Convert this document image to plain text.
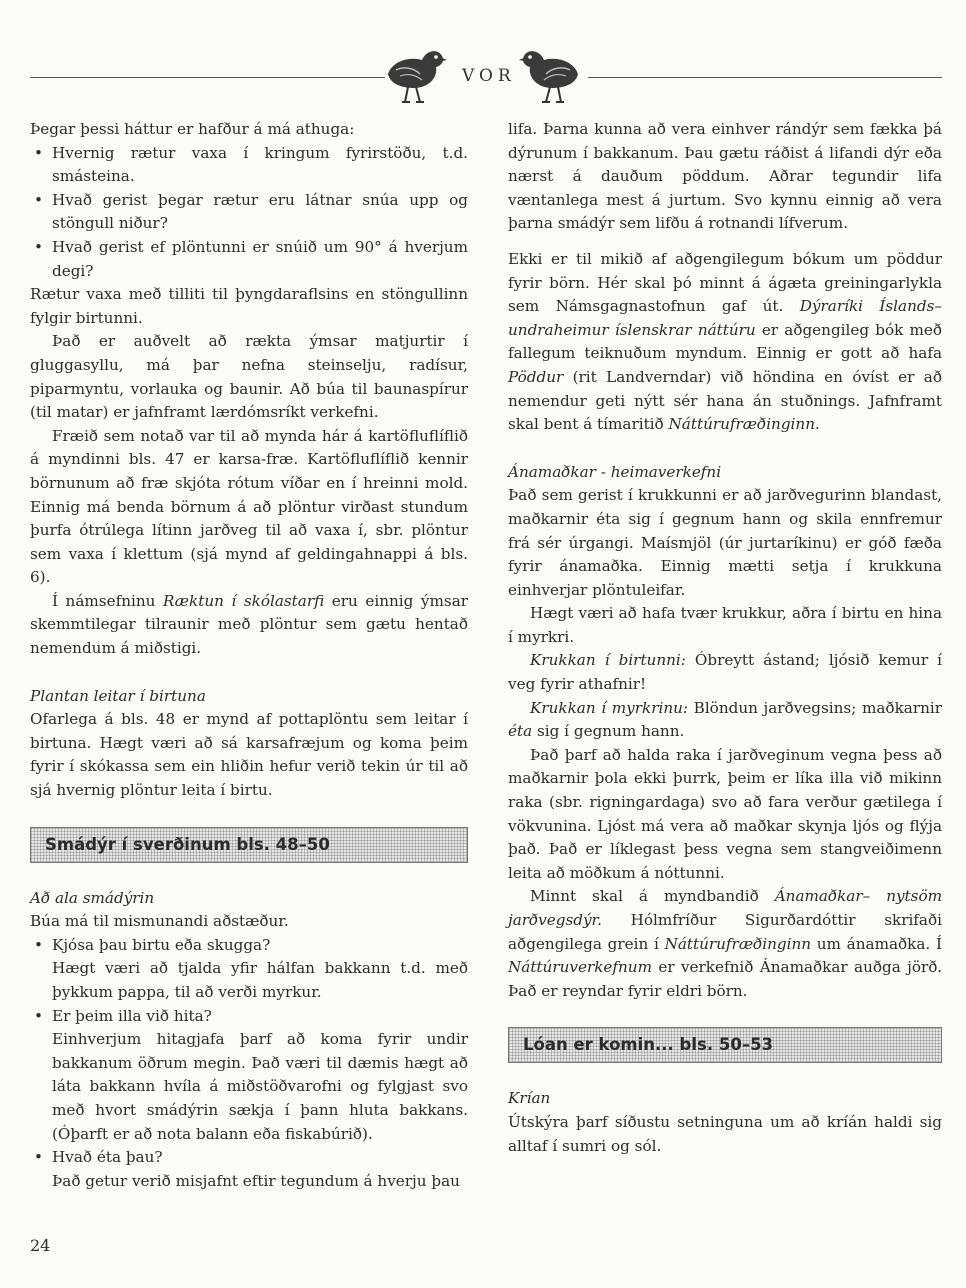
VOR

Þegar þessi háttur er hafður á má athuga:

• Hvernig rætur vaxa í kringum fyrirstöðu, t.d. smásteina.
• Hvað gerist þegar rætur eru látnar snúa upp og stöngull niður?
• Hvað gerist ef plöntunni er snúið um 90° á hverjum degi?

Rætur vaxa með tilliti til þyngdaraflsins en stöngullinn fylgir birtunni.

Það er auðvelt að rækta ýmsar matjurtir í gluggasyllu, má þar nefna steinselju, radísur, piparmyntu, vorlauka og baunir. Að búa til baunaspírur (til matar) er jafnframt lærdómsríkt verkefni.

Fræið sem notað var til að mynda hár á kartöfluflíflið á myndinni bls. 47 er karsa-fræ. Kartöfluflíflið kennir börnunum að fræ skjóta rótum víðar en í hreinni mold. Einnig má benda börnum á að plöntur virðast stundum þurfa ótrúlega lítinn jarðveg til að vaxa í, sbr. plöntur sem vaxa í klettum (sjá mynd af geldingahnappi á bls. 6).

Í námsefninu Ræktun í skólastarfi eru einnig ýmsar skemmtilegar tilraunir með plöntur sem gætu hentað nemendum á miðstigi.

Plantan leitar í birtuna

Ofarlega á bls. 48 er mynd af pottaplöntu sem leitar í birtuna. Hægt væri að sá karsafræjum og koma þeim fyrir í skókassa sem ein hliðin hefur verið tekin úr til að sjá hvernig plöntur leita í birtu.

Smádýr í sverðinum bls. 48–50

Að ala smádýrin

Búa má til mismunandi aðstæður.

• Kjósa þau birtu eða skugga?

Hægt væri að tjalda yfir hálfan bakkann t.d. með þykkum pappa, til að verði myrkur.

• Er þeim illa við hita?

Einhverjum hitagjafa þarf að koma fyrir undir bakkanum öðrum megin. Það væri til dæmis hægt að láta bakkann hvíla á miðstöðvarofni og fylgjast svo með hvort smádýrin sækja í þann hluta bakkans. (Óþarft er að nota balann eða fiskabúrið).

• Hvað éta þau?

Það getur verið misjafnt eftir tegundum á hverju þau

lifa. Þarna kunna að vera einhver rándýr sem fækka þá dýrunum í bakkanum. Þau gætu ráðist á lifandi dýr eða nærst á dauðum pöddum. Aðrar tegundir lifa væntanlega mest á jurtum. Svo kynnu einnig að vera þarna smádýr sem lifðu á rotnandi lífverum.

Ekki er til mikið af aðgengilegum bókum um pöddur fyrir börn. Hér skal þó minnt á ágæta greiningarlykla sem Námsgagnastofnun gaf út. Dýraríki Íslands– undraheimur íslenskrar náttúru er aðgengileg bók með fallegum teiknuðum myndum. Einnig er gott að hafa Pöddur (rit Landverndar) við höndina en óvíst er að nemendur geti nýtt sér hana án stuðnings. Jafnframt skal bent á tímaritið Náttúrufræðinginn.

Ánamaðkar - heimaverkefni

Það sem gerist í krukkunni er að jarðvegurinn blandast, maðkarnir éta sig í gegnum hann og skila ennfremur frá sér úrgangi. Maísmjöl (úr jurtaríkinu) er góð fæða fyrir ánamaðka. Einnig mætti setja í krukkuna einhverjar plöntuleifar.

Hægt væri að hafa tvær krukkur, aðra í birtu en hina í myrkri.

Krukkan í birtunni: Óbreytt ástand; ljósið kemur í veg fyrir athafnir!

Krukkan í myrkrinu: Blöndun jarðvegsins; maðkarnir éta sig í gegnum hann.

Það þarf að halda raka í jarðveginum vegna þess að maðkarnir þola ekki þurrk, þeim er líka illa við mikinn raka (sbr. rigningardaga) svo að fara verður gætilega í vökvunina. Ljóst má vera að maðkar skynja ljós og flýja það. Það er líklegast þess vegna sem stangveiðimenn leita að möðkum á nóttunni.

Minnt skal á myndbandið Ánamaðkar– nytsöm jarðvegsdýr. Hólmfríður Sigurðardóttir skrifaði aðgengilega grein í Náttúrufræðinginn um ánamaðka. Í Náttúruverkefnum er verkefnið Ánamaðkar auðga jörð. Það er reyndar fyrir eldri börn.

Lóan er komin... bls. 50–53

Krían

Útskýra þarf síðustu setninguna um að kríán haldi sig alltaf í sumri og sól.

24
